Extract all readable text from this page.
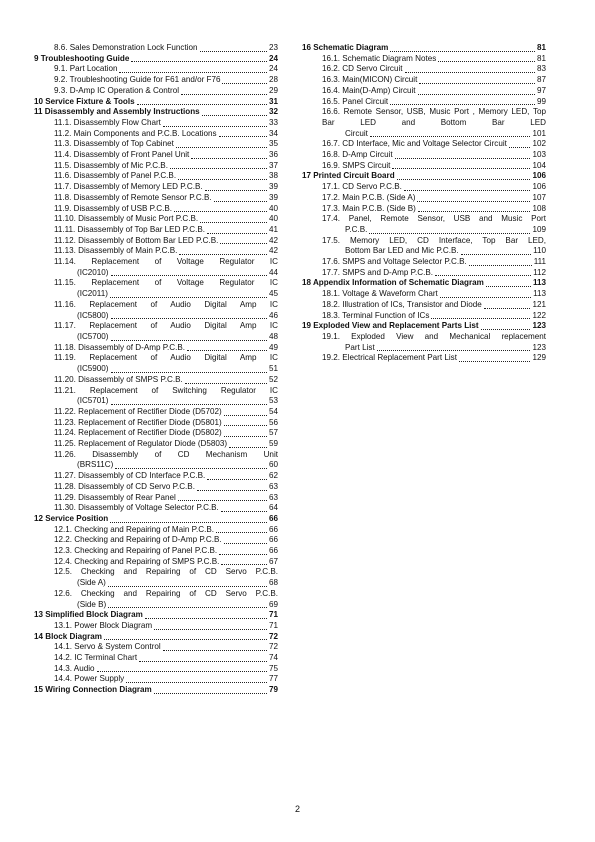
8.6. Sales Demonstration Lock Function	23
9 Troubleshooting Guide	24
9.1. Part Location	24
9.2. Troubleshooting Guide for F61 and/or F76	28
9.3. D-Amp IC Operation & Control	29
10 Service Fixture & Tools	31
11 Disassembly and Assembly Instructions	32
11.1. Disassembly Flow Chart	33
11.2. Main Components and P.C.B. Locations	34
11.3. Disassembly of Top Cabinet	35
11.4. Disassembly of Front Panel Unit	36
11.5. Disassembly of Mic P.C.B.	37
11.6. Disassembly of Panel P.C.B.	38
11.7. Disassembly of Memory LED P.C.B.	39
11.8. Disassembly of Remote Sensor P.C.B.	39
11.9. Disassembly of USB P.C.B.	40
11.10. Disassembly of Music Port P.C.B.	40
11.11. Disassembly of Top Bar LED P.C.B.	41
11.12. Disassembly of Bottom Bar LED P.C.B.	42
11.13. Disassembly of Main P.C.B.	42
11.14. Replacement of Voltage Regulator IC
(IC2010)	44
11.15. Replacement of Voltage Regulator IC
(IC2011)	45
11.16. Replacement of Audio Digital Amp IC
(IC5800)	46
11.17. Replacement of Audio Digital Amp IC
(IC5700)	48
11.18. Disassembly of D-Amp P.C.B.	49
11.19. Replacement of Audio Digital Amp IC
(IC5900)	51
11.20. Disassembly of SMPS P.C.B.	52
11.21. Replacement of Switching Regulator IC
(IC5701)	53
11.22. Replacement of Rectifier Diode (D5702)	54
11.23. Replacement of Rectifier Diode (D5801)	56
11.24. Replacement of Rectifier Diode (D5802)	57
11.25. Replacement of Regulator Diode (D5803)	59
11.26. Disassembly of CD Mechanism Unit
(BRS11C)	60
11.27. Disassembly of CD Interface P.C.B.	62
11.28. Disassembly of CD Servo P.C.B.	63
11.29. Disassembly of Rear Panel	63
11.30. Disassembly of Voltage Selector P.C.B.	64
12 Service Position	66
12.1. Checking and Repairing of Main P.C.B.	66
12.2. Checking and Repairing of D-Amp P.C.B.	66
12.3. Checking and Repairing of Panel P.C.B.	66
12.4. Checking and Repairing of SMPS P.C.B.	67
12.5. Checking and Repairing of CD Servo P.C.B.
(Side A)	68
12.6. Checking and Repairing of CD Servo P.C.B.
(Side B)	69
13 Simplified Block Diagram	71
13.1. Power Block Diagram	71
14 Block Diagram	72
14.1. Servo & System Control	72
14.2. IC Terminal Chart	74
14.3. Audio	75
14.4. Power Supply	77
15 Wiring Connection Diagram	79
16 Schematic Diagram	81
16.1. Schematic Diagram Notes	81
16.2. CD Servo Circuit	83
16.3. Main(MICON) Circuit	87
16.4. Main(D-Amp) Circuit	97
16.5. Panel Circuit	99
16.6. Remote Sensor, USB, Music Port , Memory LED, Top Bar LED and Bottom Bar LED
Circuit	101
16.7. CD Interface, Mic and Voltage Selector Circuit	102
16.8. D-Amp Circuit	103
16.9. SMPS Circuit	104
17 Printed Circuit Board	106
17.1. CD Servo P.C.B.	106
17.2. Main P.C.B. (Side A)	107
17.3. Main P.C.B. (Side B)	108
17.4. Panel, Remote Sensor, USB and Music Port
P.C.B.	109
17.5. Memory LED, CD Interface, Top Bar LED,
Bottom Bar LED and Mic P.C.B.	110
17.6. SMPS and Voltage Selector P.C.B.	111
17.7. SMPS and D-Amp P.C.B.	112
18 Appendix Information of Schematic Diagram	113
18.1. Voltage & Waveform Chart	113
18.2. Illustration of ICs, Transistor and Diode	121
18.3. Terminal Function of ICs	122
19 Exploded View and Replacement Parts List	123
19.1. Exploded View and Mechanical replacement
Part List	123
19.2. Electrical Replacement Part List	129
2
